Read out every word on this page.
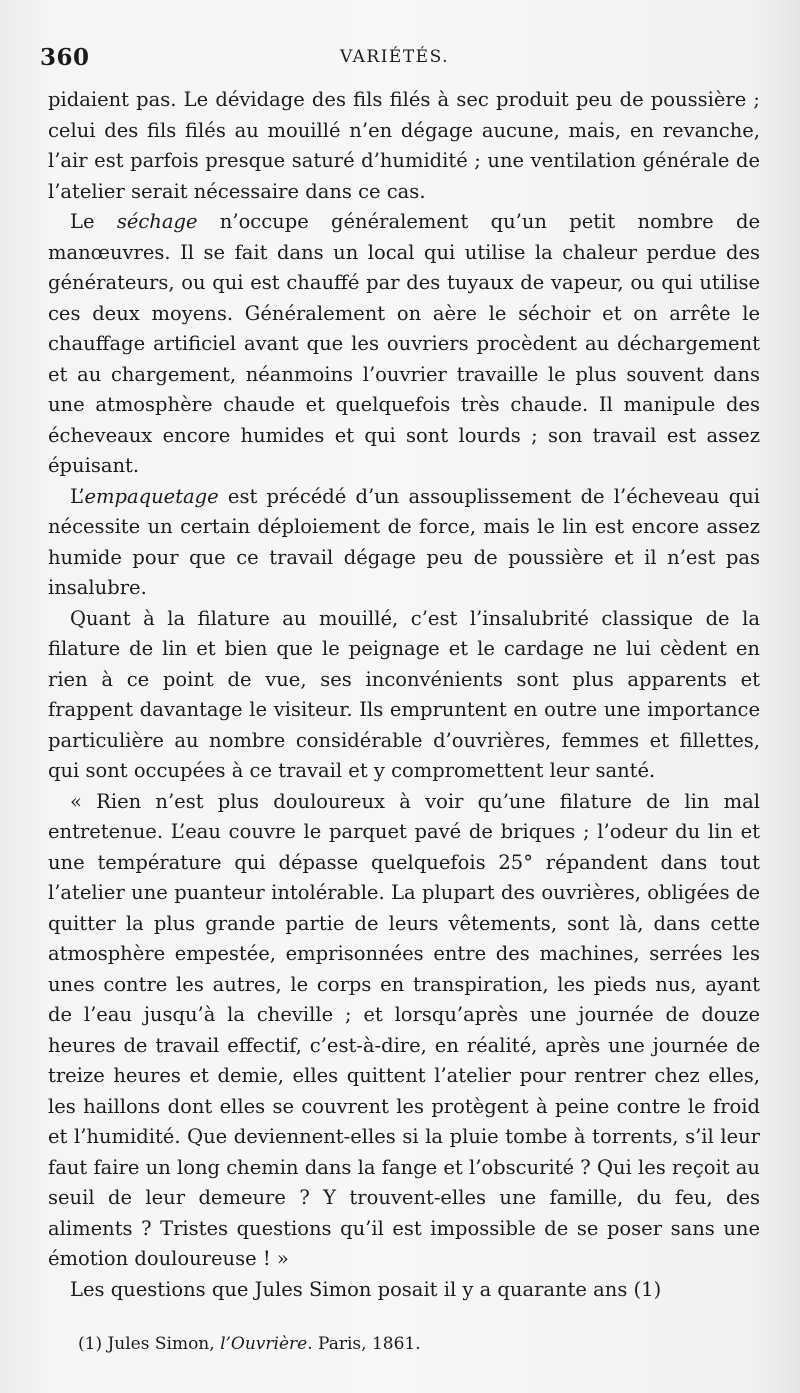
360	VARIÉTÉS.

pidaient pas. Le dévidage des fils filés à sec produit peu de poussière ; celui des fils filés au mouillé n’en dégage aucune, mais, en revanche, l’air est parfois presque saturé d’humidité ; une ventilation générale de l’atelier serait nécessaire dans ce cas.

Le séchage n’occupe généralement qu’un petit nombre de manœuvres. Il se fait dans un local qui utilise la chaleur perdue des générateurs, ou qui est chauffé par des tuyaux de vapeur, ou qui utilise ces deux moyens. Généralement on aère le séchoir et on arrête le chauffage artificiel avant que les ouvriers procèdent au déchargement et au chargement, néanmoins l’ouvrier travaille le plus souvent dans une atmosphère chaude et quelquefois très chaude. Il manipule des écheveaux encore humides et qui sont lourds ; son travail est assez épuisant.

L’empaquetage est précédé d’un assouplissement de l’écheveau qui nécessite un certain déploiement de force, mais le lin est encore assez humide pour que ce travail dégage peu de poussière et il n’est pas insalubre.

Quant à la filature au mouillé, c’est l’insalubrité classique de la filature de lin et bien que le peignage et le cardage ne lui cèdent en rien à ce point de vue, ses inconvénients sont plus apparents et frappent davantage le visiteur. Ils empruntent en outre une importance particulière au nombre considérable d’ouvrières, femmes et fillettes, qui sont occupées à ce travail et y compromettent leur santé.

« Rien n’est plus douloureux à voir qu’une filature de lin mal entretenue. L’eau couvre le parquet pavé de briques ; l’odeur du lin et une température qui dépasse quelquefois 25° répandent dans tout l’atelier une puanteur intolérable. La plupart des ouvrières, obligées de quitter la plus grande partie de leurs vêtements, sont là, dans cette atmosphère empestée, emprisonnées entre des machines, serrées les unes contre les autres, le corps en transpiration, les pieds nus, ayant de l’eau jusqu’à la cheville ; et lorsqu’après une journée de douze heures de travail effectif, c’est-à-dire, en réalité, après une journée de treize heures et demie, elles quittent l’atelier pour rentrer chez elles, les haillons dont elles se couvrent les protègent à peine contre le froid et l’humidité. Que deviennent-elles si la pluie tombe à torrents, s’il leur faut faire un long chemin dans la fange et l’obscurité ? Qui les reçoit au seuil de leur demeure ? Y trouvent-elles une famille, du feu, des aliments ? Tristes questions qu’il est impossible de se poser sans une émotion douloureuse ! »

Les questions que Jules Simon posait il y a quarante ans (1)

(1) Jules Simon, l’Ouvrière. Paris, 1861.
